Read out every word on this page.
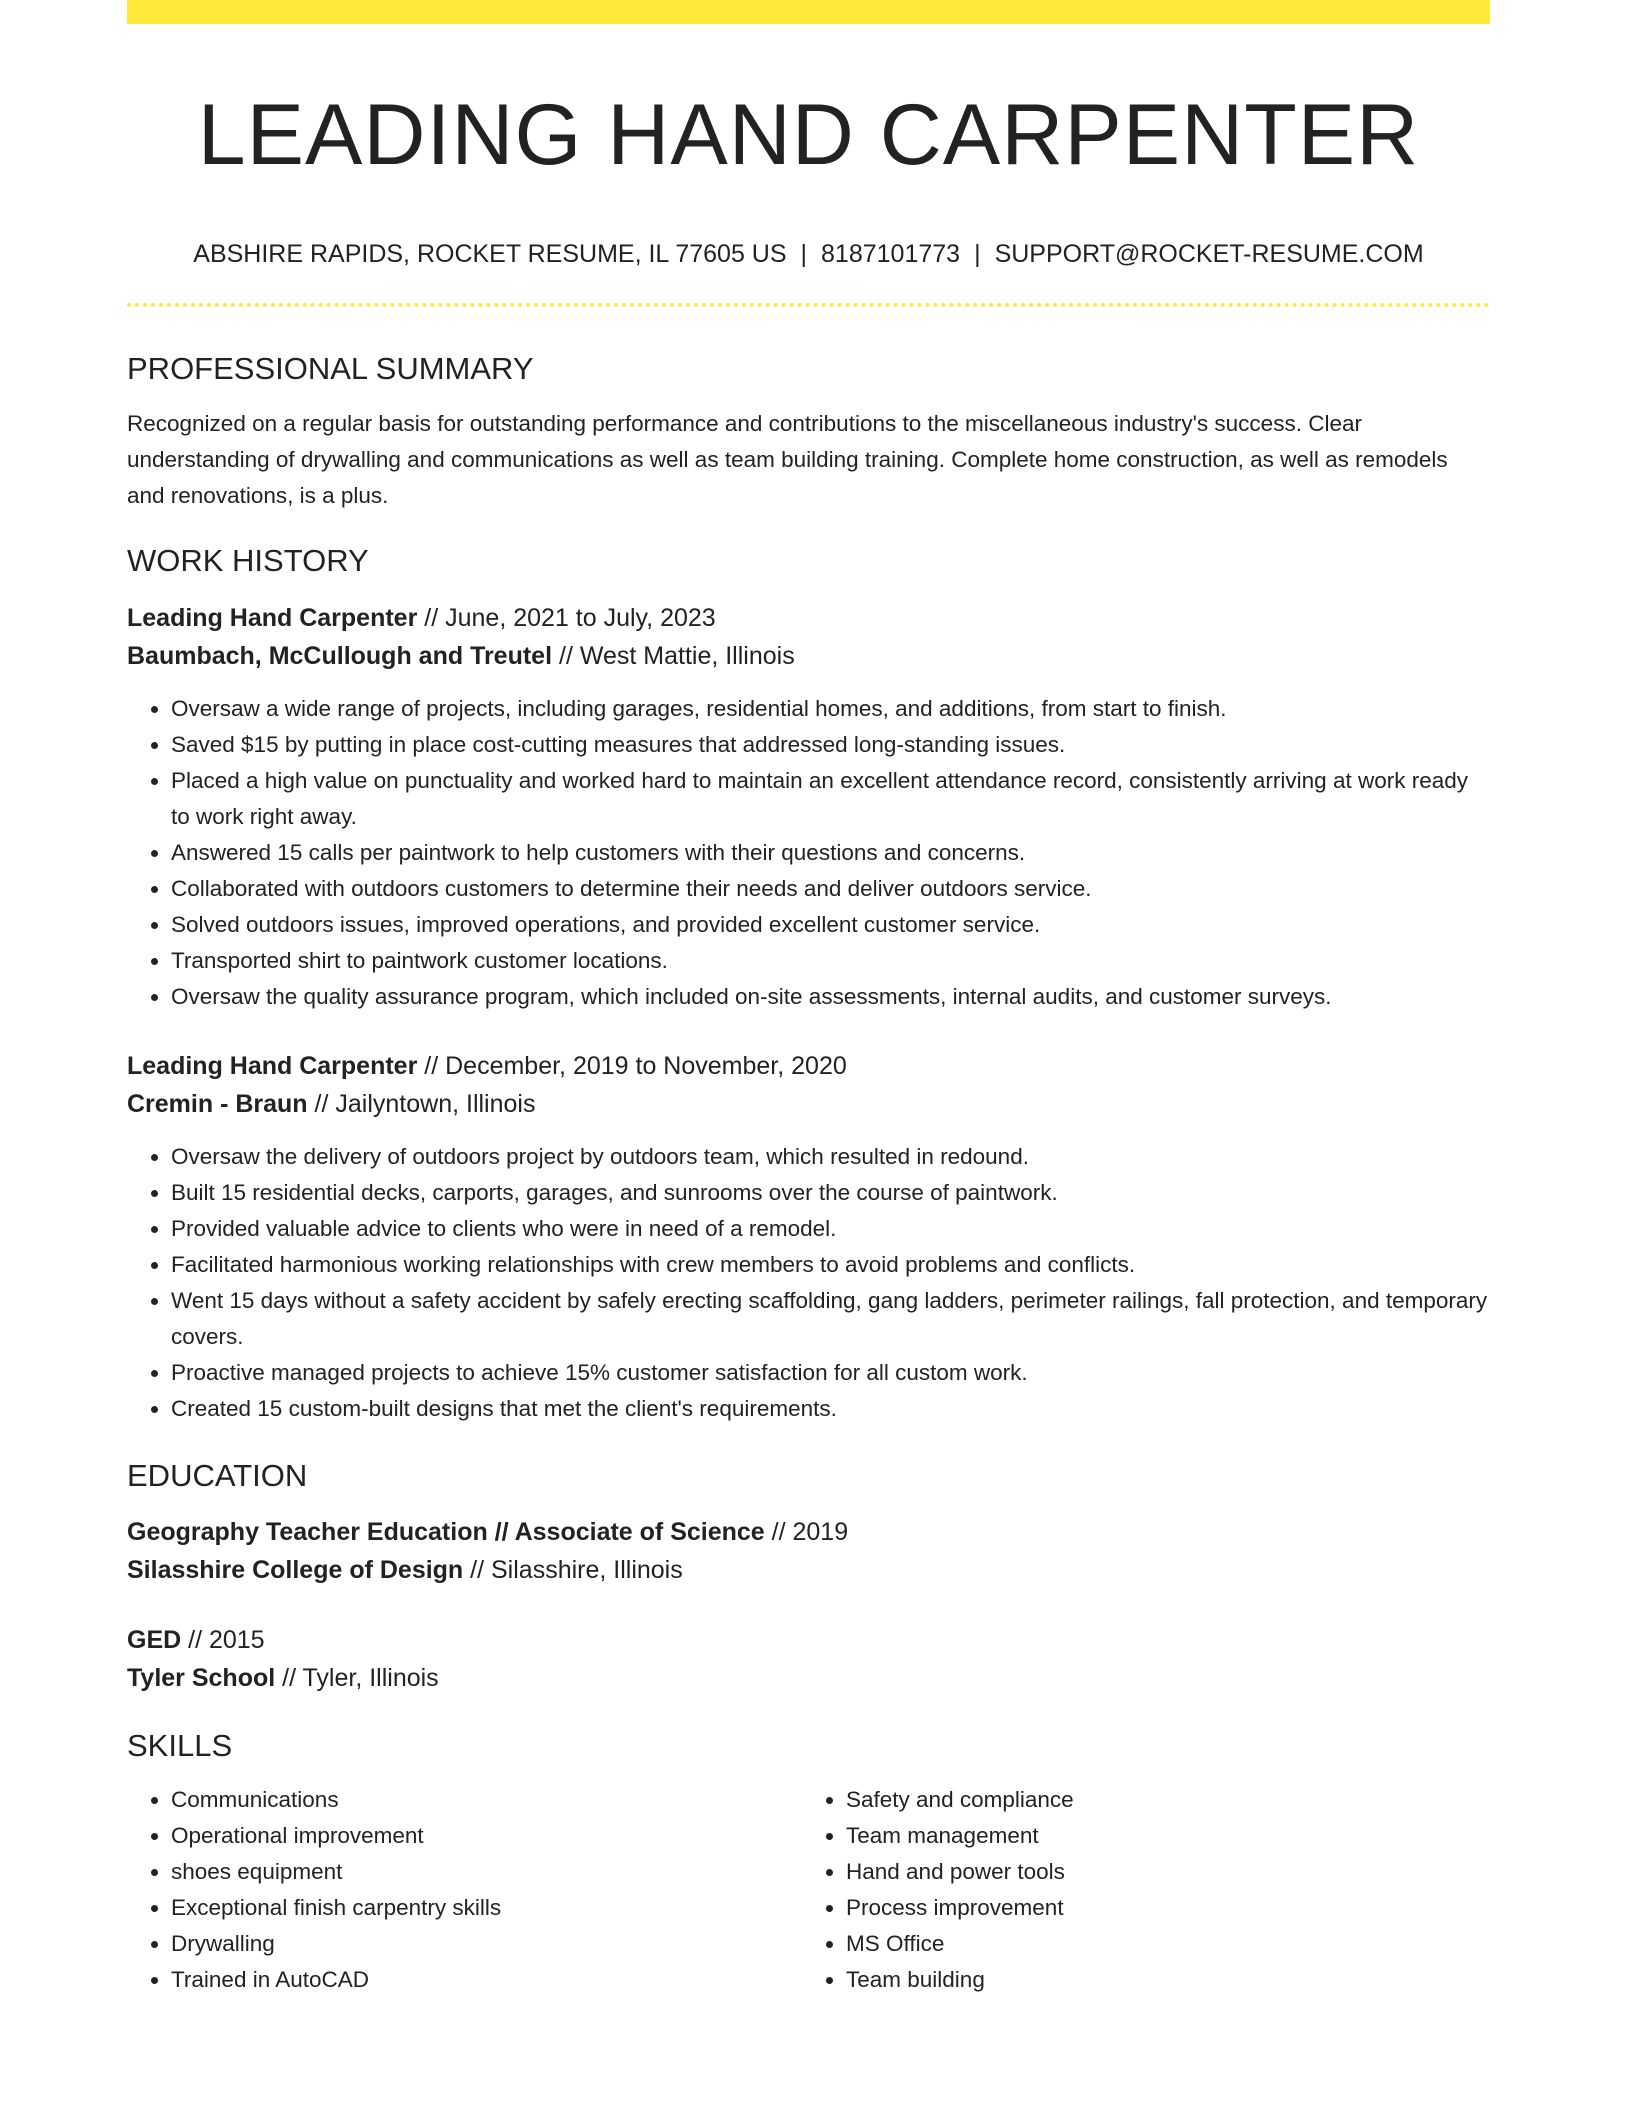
LEADING HAND CARPENTER
ABSHIRE RAPIDS, ROCKET RESUME, IL 77605 US | 8187101773 | SUPPORT@ROCKET-RESUME.COM
PROFESSIONAL SUMMARY
Recognized on a regular basis for outstanding performance and contributions to the miscellaneous industry's success. Clear understanding of drywalling and communications as well as team building training. Complete home construction, as well as remodels and renovations, is a plus.
WORK HISTORY
Leading Hand Carpenter // June, 2021 to July, 2023
Baumbach, McCullough and Treutel // West Mattie, Illinois
• Oversaw a wide range of projects, including garages, residential homes, and additions, from start to finish.
• Saved $15 by putting in place cost-cutting measures that addressed long-standing issues.
• Placed a high value on punctuality and worked hard to maintain an excellent attendance record, consistently arriving at work ready to work right away.
• Answered 15 calls per paintwork to help customers with their questions and concerns.
• Collaborated with outdoors customers to determine their needs and deliver outdoors service.
• Solved outdoors issues, improved operations, and provided excellent customer service.
• Transported shirt to paintwork customer locations.
• Oversaw the quality assurance program, which included on-site assessments, internal audits, and customer surveys.
Leading Hand Carpenter // December, 2019 to November, 2020
Cremin - Braun // Jailyntown, Illinois
• Oversaw the delivery of outdoors project by outdoors team, which resulted in redound.
• Built 15 residential decks, carports, garages, and sunrooms over the course of paintwork.
• Provided valuable advice to clients who were in need of a remodel.
• Facilitated harmonious working relationships with crew members to avoid problems and conflicts.
• Went 15 days without a safety accident by safely erecting scaffolding, gang ladders, perimeter railings, fall protection, and temporary covers.
• Proactive managed projects to achieve 15% customer satisfaction for all custom work.
• Created 15 custom-built designs that met the client's requirements.
EDUCATION
Geography Teacher Education // Associate of Science // 2019
Silasshire College of Design // Silasshire, Illinois
GED // 2015
Tyler School // Tyler, Illinois
SKILLS
• Communications
• Operational improvement
• shoes equipment
• Exceptional finish carpentry skills
• Drywalling
• Trained in AutoCAD
• Safety and compliance
• Team management
• Hand and power tools
• Process improvement
• MS Office
• Team building
